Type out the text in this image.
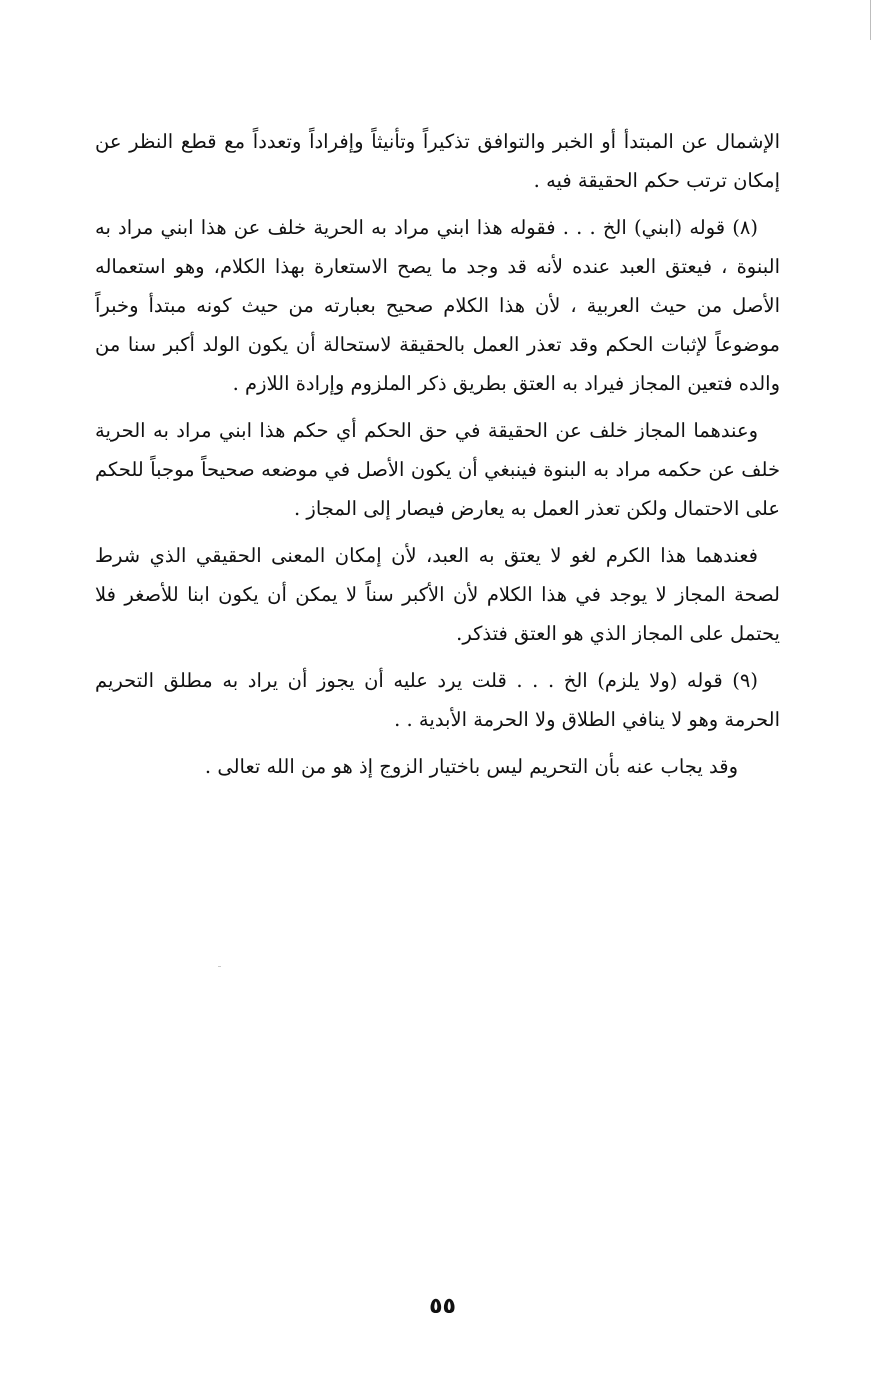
الإشمال عن المبتدأ أو الخبر والتوافق تذكيراً وتأنيثاً وإفراداً وتعدداً مع قطع النظر عن إمكان ترتب حكم الحقيقة فيه .

(٨) قوله (ابني) الخ . . . فقوله هذا ابني مراد به الحرية خلف عن هذا ابني مراد به البنوة ، فيعتق العبد عنده لأنه قد وجد ما يصح الاستعارة بهذا الكلام، وهو استعماله الأصل من حيث العربية ، لأن هذا الكلام صحيح بعبارته من حيث كونه مبتدأ وخبراً موضوعاً لإثبات الحكم وقد تعذر العمل بالحقيقة لاستحالة أن يكون الولد أكبر سنا من والده فتعين المجاز فيراد به العتق بطريق ذكر الملزوم وإرادة اللازم .

وعندهما المجاز خلف عن الحقيقة في حق الحكم أي حكم هذا ابني مراد به الحرية خلف عن حكمه مراد به البنوة فينبغي أن يكون الأصل في موضعه صحيحاً موجباً للحكم على الاحتمال ولكن تعذر العمل به يعارض فيصار إلى المجاز .

فعندهما هذا الكرم لغو لا يعتق به العبد، لأن إمكان المعنى الحقيقي الذي شرط لصحة المجاز لا يوجد في هذا الكلام لأن الأكبر سناً لا يمكن أن يكون ابنا للأصغر فلا يحتمل على المجاز الذي هو العتق فتذكر.

(٩) قوله (ولا يلزم) الخ . . . قلت يرد عليه أن يجوز أن يراد به مطلق التحريم الحرمة وهو لا ينافي الطلاق ولا الحرمة الأبدية . .

وقد يجاب عنه بأن التحريم ليس باختيار الزوج إذ هو من الله تعالى .

٥٥
